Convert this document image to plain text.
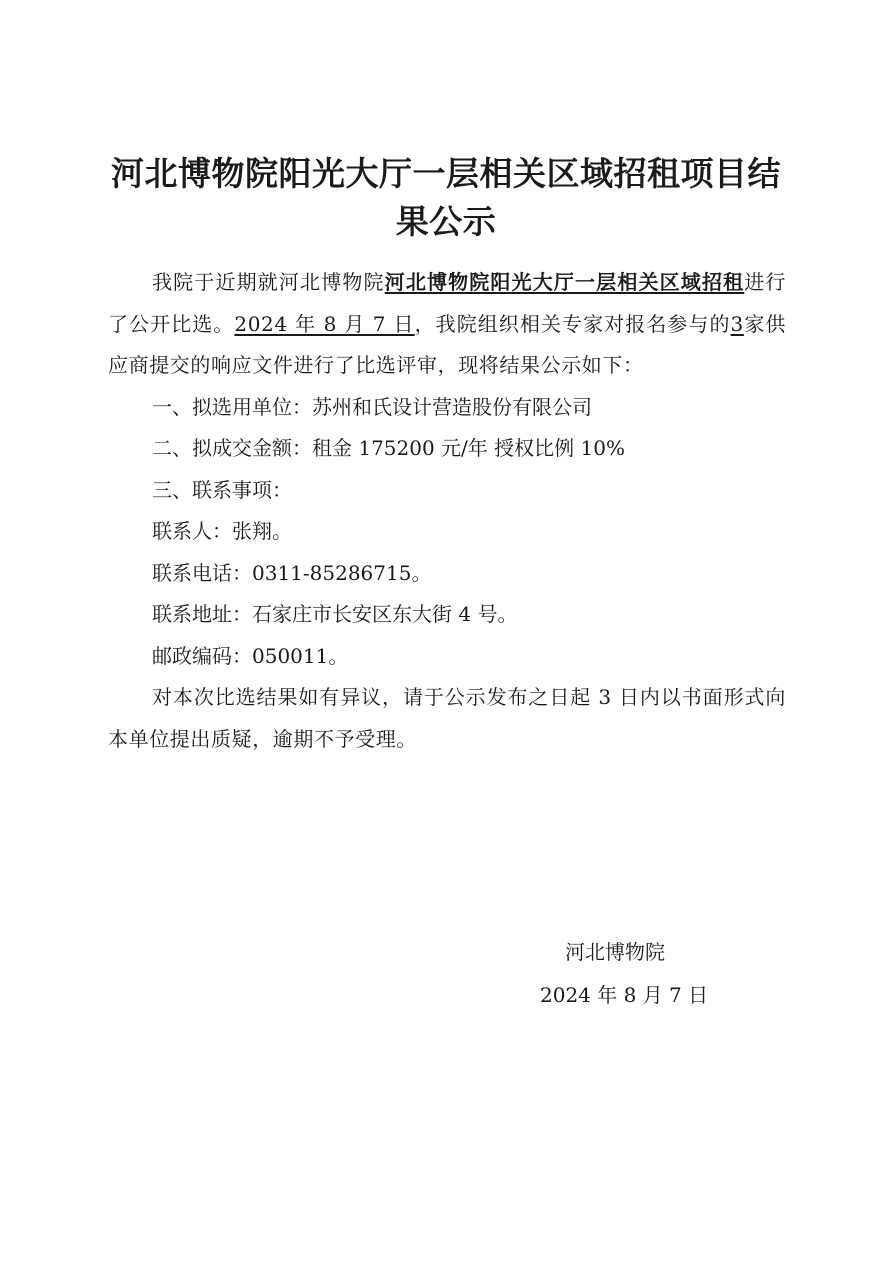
河北博物院阳光大厅一层相关区域招租项目结果公示

我院于近期就河北博物院河北博物院阳光大厅一层相关区域招租进行了公开比选。2024 年 8 月 7 日，我院组织相关专家对报名参与的3家供应商提交的响应文件进行了比选评审，现将结果公示如下：

一、拟选用单位：苏州和氏设计营造股份有限公司

二、拟成交金额：租金 175200 元/年 授权比例 10%

三、联系事项：

联系人：张翔。

联系电话：0311-85286715。

联系地址：石家庄市长安区东大街 4 号。

邮政编码：050011。

对本次比选结果如有异议，请于公示发布之日起 3 日内以书面形式向本单位提出质疑，逾期不予受理。

河北博物院
2024 年 8 月 7 日
